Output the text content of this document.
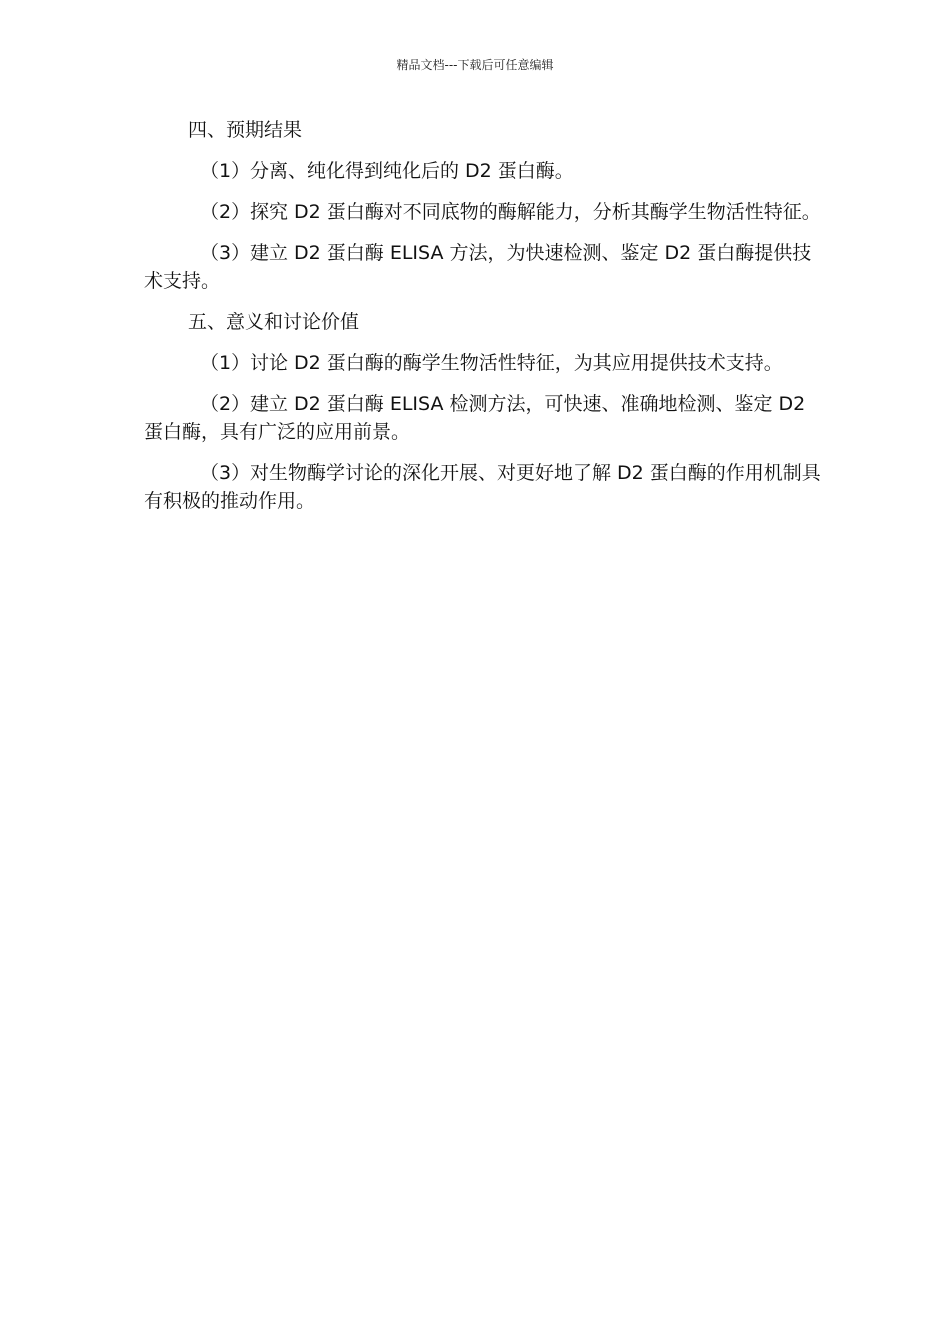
精品文档---下载后可任意编辑
四、预期结果
（1）分离、纯化得到纯化后的 D2 蛋白酶。
（2）探究 D2 蛋白酶对不同底物的酶解能力，分析其酶学生物活性特征。
（3）建立 D2 蛋白酶 ELISA 方法，为快速检测、鉴定 D2 蛋白酶提供技术支持。
五、意义和讨论价值
（1）讨论 D2 蛋白酶的酶学生物活性特征，为其应用提供技术支持。
（2）建立 D2 蛋白酶 ELISA 检测方法，可快速、准确地检测、鉴定 D2 蛋白酶，具有广泛的应用前景。
（3）对生物酶学讨论的深化开展、对更好地了解 D2 蛋白酶的作用机制具有积极的推动作用。
